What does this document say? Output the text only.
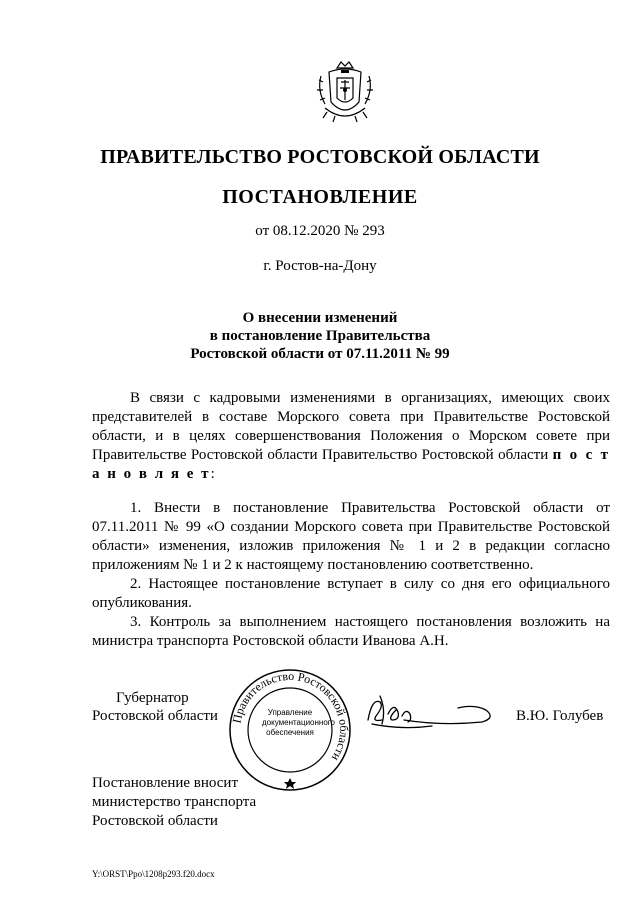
ПРАВИТЕЛЬСТВО РОСТОВСКОЙ ОБЛАСТИ
ПОСТАНОВЛЕНИЕ
от 08.12.2020 № 293
г. Ростов-на-Дону
О внесении изменений
в постановление Правительства
Ростовской области от 07.11.2011 № 99
В связи с кадровыми изменениями в организациях, имеющих своих представителей в составе Морского совета при Правительстве Ростовской области, и в целях совершенствования Положения о Морском совете при Правительстве Ростовской области Правительство Ростовской области п о с т а н о в л я е т:
1. Внести в постановление Правительства Ростовской области от 07.11.2011 № 99 «О создании Морского совета при Правительстве Ростовской области» изменения, изложив приложения № 1 и 2 в редакции согласно приложениям № 1 и 2 к настоящему постановлению соответственно.
2. Настоящее постановление вступает в силу со дня его официального опубликования.
3. Контроль за выполнением настоящего постановления возложить на министра транспорта Ростовской области Иванова А.Н.
Губернатор
Ростовской области Правительство Ростовской области
Управление
документационного
обеспечения
В.Ю. Голубев
Постановление вносит
министерство транспорта
Ростовской области
Y:\ORST\Ppo\1208p293.f20.docx
